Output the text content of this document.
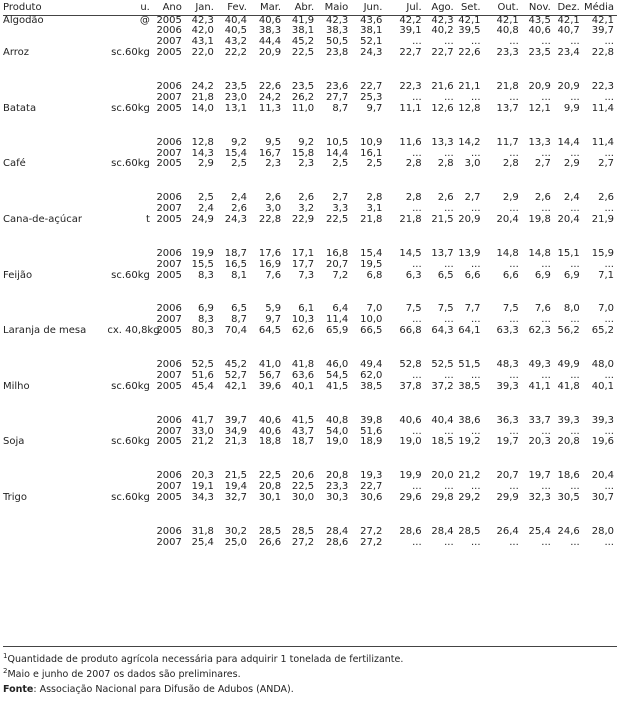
Produto	u.	Ano	Jan.	Fev.	Mar.	Abr.	Maio	Jun.	Jul.	Ago.	Set.	Out.	Nov.	Dez.	Média
Algodão	@	2005	42,3	40,4	40,6	41,9	42,3	43,6	42,2	42,3	42,1	42,1	43,5	42,1	42,1
		2006	42,0	40,5	38,3	38,1	38,3	38,1	39,1	40,2	39,5	40,8	40,6	40,7	39,7
		2007	43,1	43,2	44,4	45,2	50,5	52,1	...	...	...	...	...	...	...
Arroz	sc.60kg	2005	22,0	22,2	20,9	22,5	23,8	24,3	22,7	22,7	22,6	23,3	23,5	23,4	22,8
		2006	24,2	23,5	22,6	23,5	23,6	22,7	22,3	21,6	21,1	21,8	20,9	20,9	22,3
		2007	21,8	23,0	24,2	26,2	27,7	25,3	...	...	...	...	...	...	...
Batata	sc.60kg	2005	14,0	13,1	11,3	11,0	8,7	9,7	11,1	12,6	12,8	13,7	12,1	9,9	11,4
		2006	12,8	9,2	9,5	9,2	10,5	10,9	11,6	13,3	14,2	11,7	13,3	14,4	11,4
		2007	14,3	15,4	16,7	15,8	14,4	16,1	...	...	...	...	...	...	...
Café	sc.60kg	2005	2,9	2,5	2,3	2,3	2,5	2,5	2,8	2,8	3,0	2,8	2,7	2,9	2,7
		2006	2,5	2,4	2,6	2,6	2,7	2,8	2,8	2,6	2,7	2,9	2,6	2,4	2,6
		2007	2,4	2,6	3,0	3,2	3,3	3,1	...	...	...	...	...	...	...
Cana-de-açúcar	t	2005	24,9	24,3	22,8	22,9	22,5	21,8	21,8	21,5	20,9	20,4	19,8	20,4	21,9
		2006	19,9	18,7	17,6	17,1	16,8	15,4	14,5	13,7	13,9	14,8	14,8	15,1	15,9
		2007	15,5	16,5	16,9	17,7	20,7	19,5	...	...	...	...	...	...	...
Feijão	sc.60kg	2005	8,3	8,1	7,6	7,3	7,2	6,8	6,3	6,5	6,6	6,6	6,9	6,9	7,1
		2006	6,9	6,5	5,9	6,1	6,4	7,0	7,5	7,5	7,7	7,5	7,6	8,0	7,0
		2007	8,3	8,7	9,7	10,3	11,4	10,0	...	...	...	...	...	...	...
Laranja de mesa	cx. 40,8kg	2005	80,3	70,4	64,5	62,6	65,9	66,5	66,8	64,3	64,1	63,3	62,3	56,2	65,2
		2006	52,5	45,2	41,0	41,8	46,0	49,4	52,8	52,5	51,5	48,3	49,3	49,9	48,0
		2007	51,6	52,7	56,7	63,6	54,5	62,0	...	...	...	...	...	...	...
Milho	sc.60kg	2005	45,4	42,1	39,6	40,1	41,5	38,5	37,8	37,2	38,5	39,3	41,1	41,8	40,1
		2006	41,7	39,7	40,6	41,5	40,8	39,8	40,6	40,4	38,6	36,3	33,7	39,3	39,3
		2007	33,0	34,9	40,6	43,7	54,0	51,6	...	...	...	...	...	...	...
Soja	sc.60kg	2005	21,2	21,3	18,8	18,7	19,0	18,9	19,0	18,5	19,2	19,7	20,3	20,8	19,6
		2006	20,3	21,5	22,5	20,6	20,8	19,3	19,9	20,0	21,2	20,7	19,7	18,6	20,4
		2007	19,1	19,4	20,8	22,5	23,3	22,7	...	...	...	...	...	...	...
Trigo	sc.60kg	2005	34,3	32,7	30,1	30,0	30,3	30,6	29,6	29,8	29,2	29,9	32,3	30,5	30,7
		2006	31,8	30,2	28,5	28,5	28,4	27,2	28,6	28,4	28,5	26,4	25,4	24,6	28,0
		2007	25,4	25,0	26,6	27,2	28,6	27,2	...	...	...	...	...	...	...
$^1$Quantidade de produto agrícola necessária para adquirir 1 tonelada de fertilizante.
$^2$Maio e junho de 2007 os dados são preliminares.
Fonte: Associação Nacional para Difusão de Adubos (ANDA).
